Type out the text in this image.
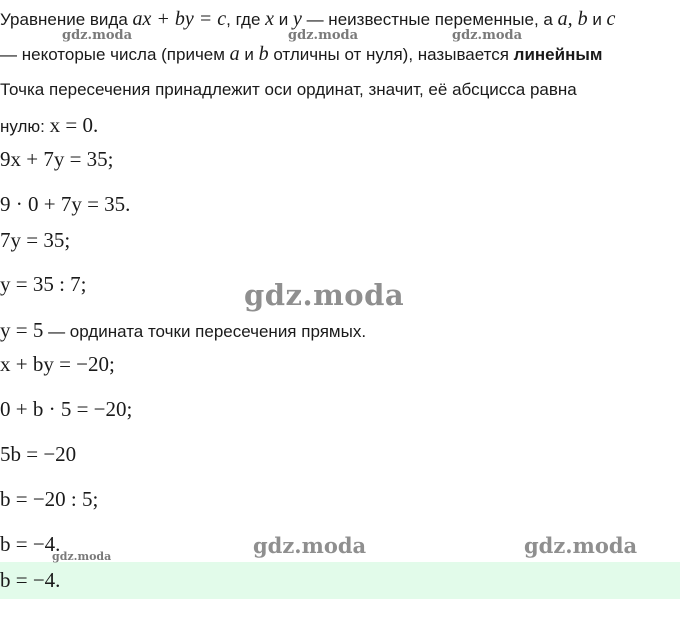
Уравнение вида ax + by = c, где x и y — неизвестные переменные, а a, b и c
— некоторые числа (причем a и b отличны от нуля), называется линейным
Точка пересечения принадлежит оси ординат, значит, её абсцисса равна
нулю: x = 0.
9x + 7y = 35;
9 · 0 + 7y = 35.
7y = 35;
y = 35 : 7;
y = 5 — ордината точки пересечения прямых.
x + by = −20;
0 + b · 5 = −20;
5b = −20
b = −20 : 5;
b = −4.
b = −4.
gdz.moda	gdz.moda	gdz.moda
gdz.moda
gdz.moda	gdz.moda
gdz.moda
